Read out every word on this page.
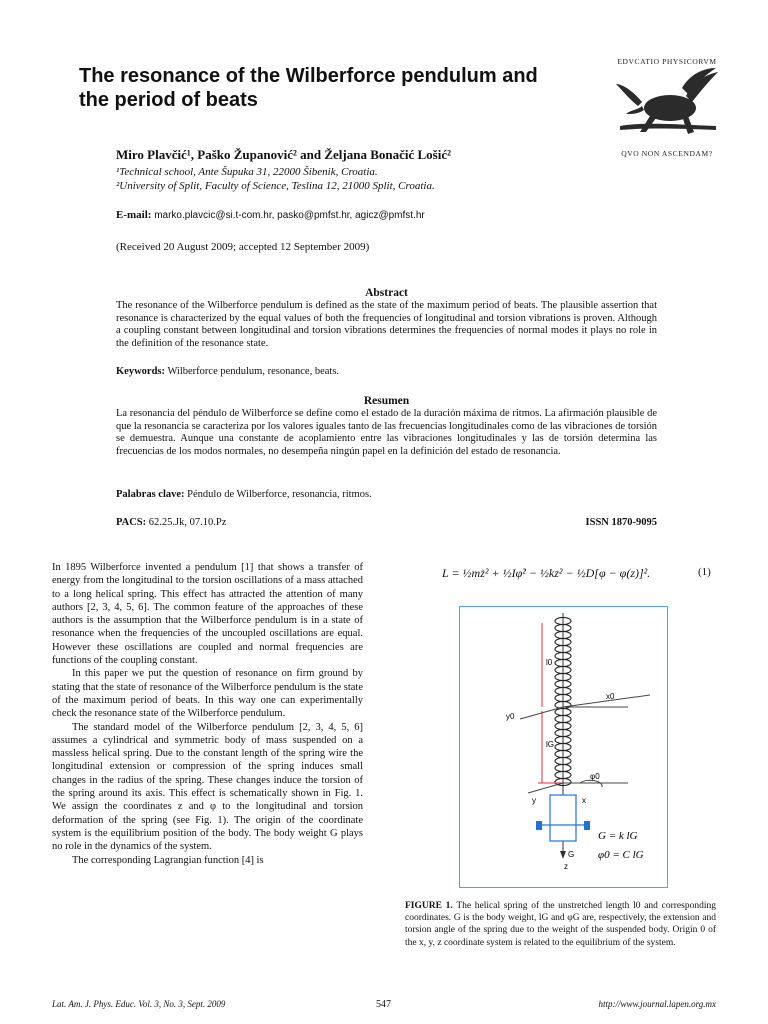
The resonance of the Wilberforce pendulum and the period of beats
EDVCATIO PHYSICORVM
QVO NON ASCENDAM?
Miro Plavčić¹, Paško Županović² and Željana Bonačić Lošić²
¹Technical school, Ante Šupuka 31, 22000 Šibenik, Croatia.
²University of Split, Faculty of Science, Teslina 12, 21000 Split, Croatia.
E-mail: marko.plavcic@si.t-com.hr, pasko@pmfst.hr, agicz@pmfst.hr
(Received 20 August 2009; accepted 12 September 2009)
Abstract
The resonance of the Wilberforce pendulum is defined as the state of the maximum period of beats. The plausible assertion that resonance is characterized by the equal values of both the frequencies of longitudinal and torsion vibrations is proven. Although a coupling constant between longitudinal and torsion vibrations determines the frequencies of normal modes it plays no role in the definition of the resonance state.
Keywords: Wilberforce pendulum, resonance, beats.
Resumen
La resonancia del péndulo de Wilberforce se define como el estado de la duración máxima de ritmos. La afirmación plausible de que la resonancia se caracteriza por los valores iguales tanto de las frecuencias longitudinales como de las vibraciones de torsión se demuestra. Aunque una constante de acoplamiento entre las vibraciones longitudinales y las de torsión determina las frecuencias de los modos normales, no desempeña ningún papel en la definición del estado de resonancia.
Palabras clave: Péndulo de Wilberforce, resonancia, ritmos.
PACS: 62.25.Jk, 07.10.Pz	ISSN 1870-9095

In 1895 Wilberforce invented a pendulum [1] that shows a transfer of energy from the longitudinal to the torsion oscillations of a mass attached to a long helical spring. This effect has attracted the attention of many authors [2, 3, 4, 5, 6]. The common feature of the approaches of these authors is the assumption that the Wilberforce pendulum is in a state of resonance when the frequencies of the uncoupled oscillations are equal. However these oscillations are coupled and normal frequencies are functions of the coupling constant.

In this paper we put the question of resonance on firm ground by stating that the state of resonance of the Wilberforce pendulum is the state of the maximum period of beats. In this way one can experimentally check the resonance state of the Wilberforce pendulum.

The standard model of the Wilberforce pendulum [2, 3, 4, 5, 6] assumes a cylindrical and symmetric body of mass suspended on a massless helical spring. Due to the constant length of the spring wire the longitudinal extension or compression of the spring induces small changes in the radius of the spring. These changes induce the torsion of the spring around its axis. This effect is schematically shown in Fig. 1. We assign the coordinates z and φ to the longitudinal and torsion deformation of the spring (see Fig. 1). The origin of the coordinate system is the equilibrium position of the body. The body weight G plays no role in the dynamics of the system.

The corresponding Lagrangian function [4] is

L = ½mż² + ½Iφ̇² − ½kz² − ½D[φ − φ(z)]².	(1)
l0
lG
x0
y0
φ0
y	x
G
z
G = k lG
φ0 = C lG
FIGURE 1. The helical spring of the unstretched length l0 and corresponding coordinates. G is the body weight, lG and φG are, respectively, the extension and torsion angle of the spring due to the weight of the suspended body. Origin 0 of the x, y, z coordinate system is related to the equilibrium of the system.
Lat. Am. J. Phys. Educ. Vol. 3, No. 3, Sept. 2009	547	http://www.journal.lapen.org.mx
